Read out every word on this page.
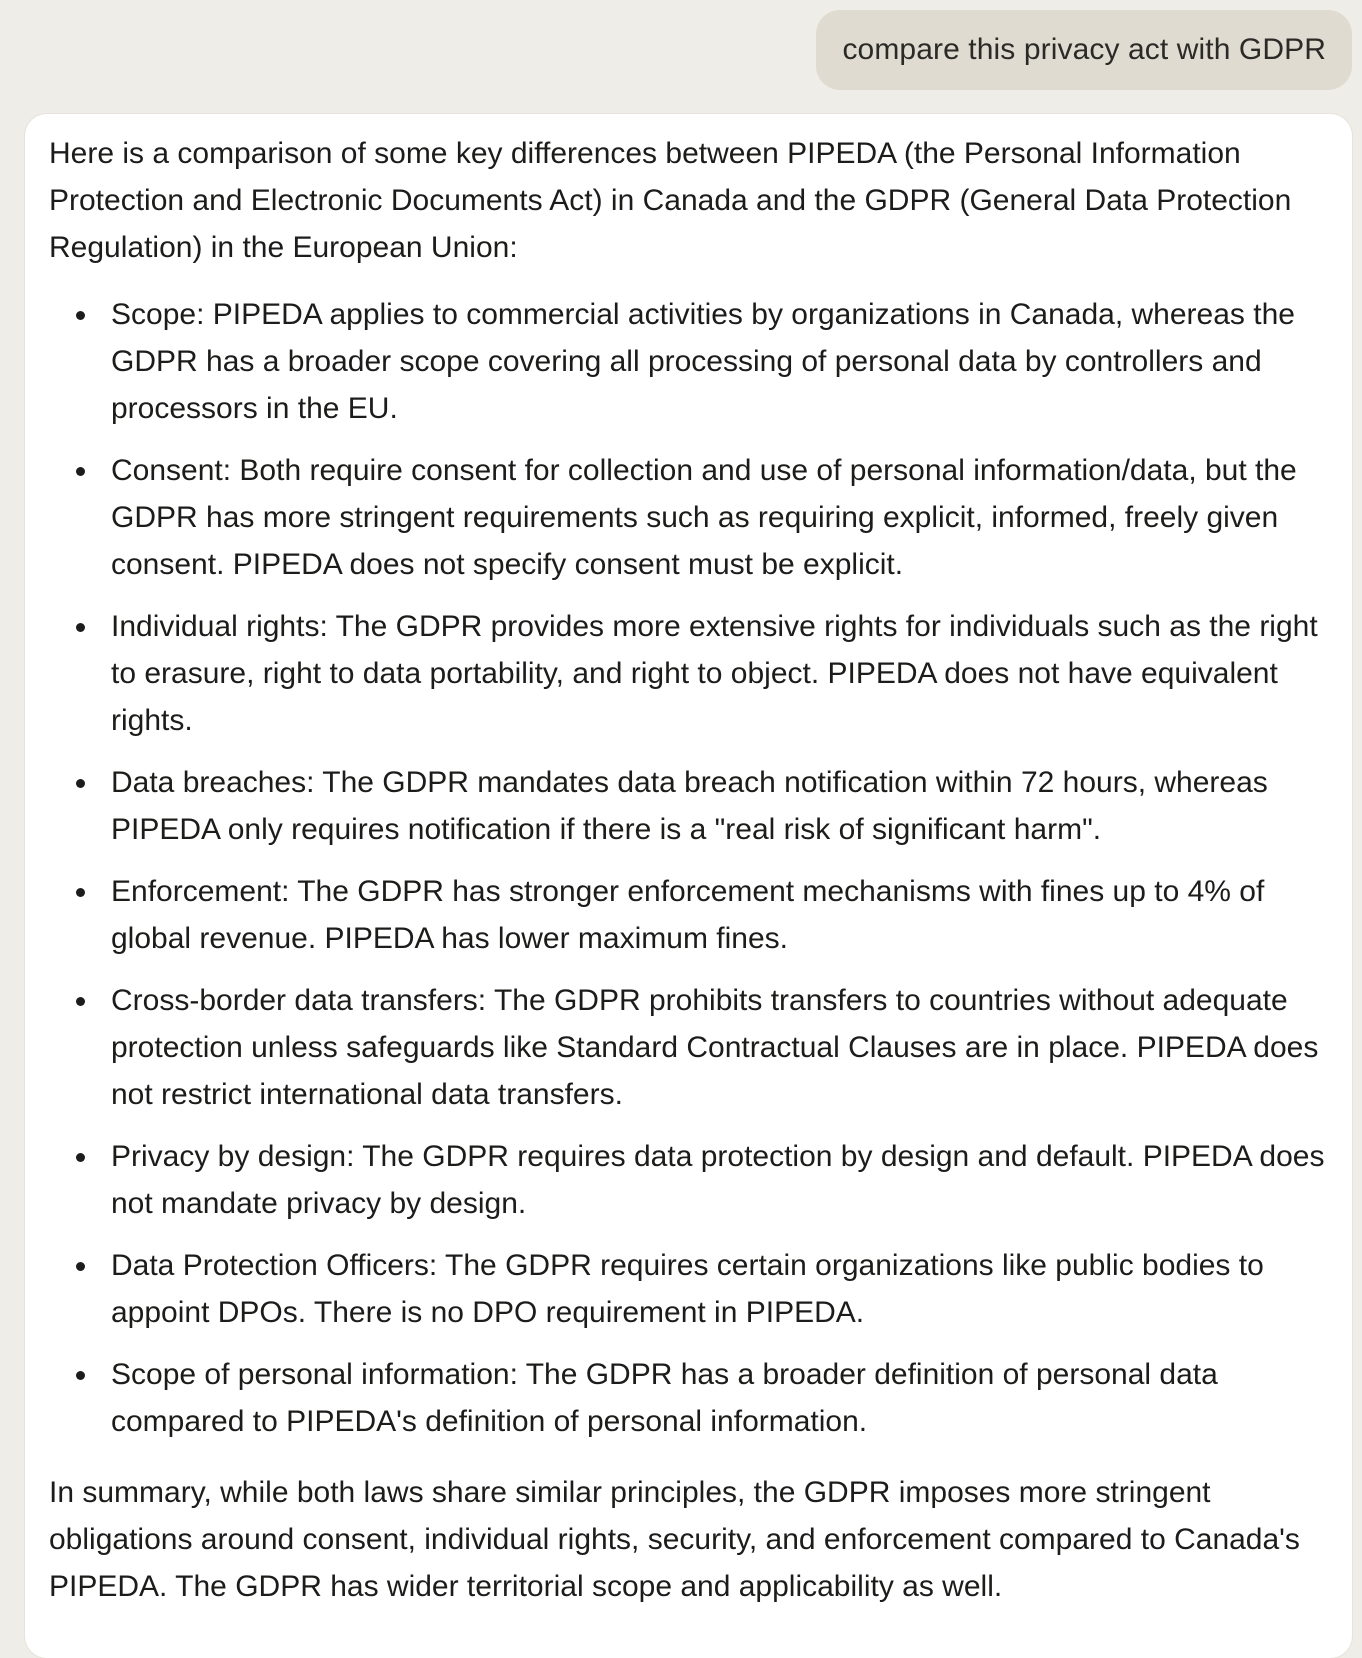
compare this privacy act with GDPR

Here is a comparison of some key differences between PIPEDA (the Personal Information Protection and Electronic Documents Act) in Canada and the GDPR (General Data Protection Regulation) in the European Union:

Scope: PIPEDA applies to commercial activities by organizations in Canada, whereas the GDPR has a broader scope covering all processing of personal data by controllers and processors in the EU.
Consent: Both require consent for collection and use of personal information/data, but the GDPR has more stringent requirements such as requiring explicit, informed, freely given consent. PIPEDA does not specify consent must be explicit.
Individual rights: The GDPR provides more extensive rights for individuals such as the right to erasure, right to data portability, and right to object. PIPEDA does not have equivalent rights.
Data breaches: The GDPR mandates data breach notification within 72 hours, whereas PIPEDA only requires notification if there is a "real risk of significant harm".
Enforcement: The GDPR has stronger enforcement mechanisms with fines up to 4% of global revenue. PIPEDA has lower maximum fines.
Cross-border data transfers: The GDPR prohibits transfers to countries without adequate protection unless safeguards like Standard Contractual Clauses are in place. PIPEDA does not restrict international data transfers.
Privacy by design: The GDPR requires data protection by design and default. PIPEDA does not mandate privacy by design.
Data Protection Officers: The GDPR requires certain organizations like public bodies to appoint DPOs. There is no DPO requirement in PIPEDA.
Scope of personal information: The GDPR has a broader definition of personal data compared to PIPEDA's definition of personal information.

In summary, while both laws share similar principles, the GDPR imposes more stringent obligations around consent, individual rights, security, and enforcement compared to Canada's PIPEDA. The GDPR has wider territorial scope and applicability as well.
